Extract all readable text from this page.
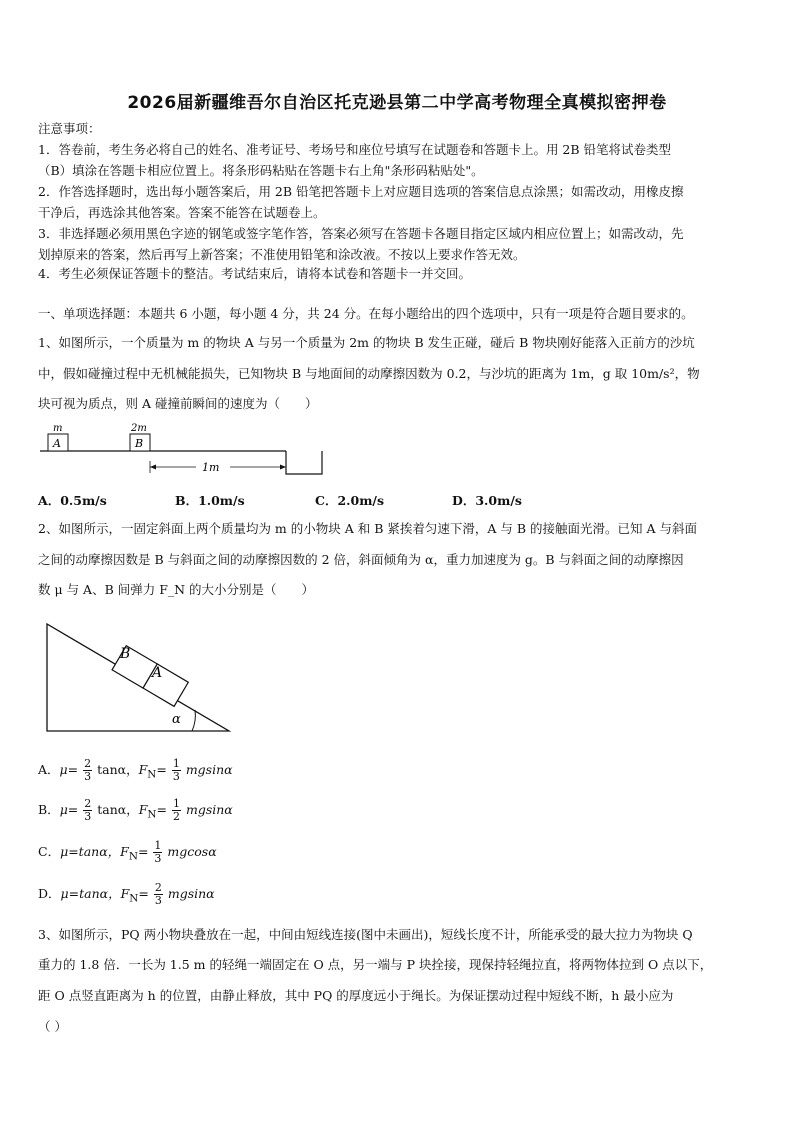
2026届新疆维吾尔自治区托克逊县第二中学高考物理全真模拟密押卷
注意事项：
1．答卷前，考生务必将自己的姓名、准考证号、考场号和座位号填写在试题卷和答题卡上。用 2B 铅笔将试卷类型
（B）填涂在答题卡相应位置上。将条形码粘贴在答题卡右上角"条形码粘贴处"。
2．作答选择题时，选出每小题答案后，用 2B 铅笔把答题卡上对应题目选项的答案信息点涂黑；如需改动，用橡皮擦
干净后，再选涂其他答案。答案不能答在试题卷上。
3．非选择题必须用黑色字迹的钢笔或签字笔作答，答案必须写在答题卡各题目指定区域内相应位置上；如需改动，先
划掉原来的答案，然后再写上新答案；不准使用铅笔和涂改液。不按以上要求作答无效。
4．考生必须保证答题卡的整洁。考试结束后，请将本试卷和答题卡一并交回。
一、单项选择题：本题共 6 小题，每小题 4 分，共 24 分。在每小题给出的四个选项中，只有一项是符合题目要求的。
1、如图所示，一个质量为 m 的物块 A 与另一个质量为 2m 的物块 B 发生正碰，碰后 B 物块刚好能落入正前方的沙坑
中，假如碰撞过程中无机械能损失，已知物块 B 与地面间的动摩擦因数为 0.2，与沙坑的距离为 1m，g 取 10m/s²，物
块可视为质点，则 A 碰撞前瞬间的速度为（　　）
A
m
B
2m
1m
A．0.5m/s	B．1.0m/s	C．2.0m/s	D．3.0m/s
2、如图所示，一固定斜面上两个质量均为 m 的小物块 A 和 B 紧挨着匀速下滑，A 与 B 的接触面光滑。已知 A 与斜面
之间的动摩擦因数是 B 与斜面之间的动摩擦因数的 2 倍，斜面倾角为 α，重力加速度为 g。B 与斜面之间的动摩擦因
数 μ 与 A、B 间弹力 F_N 的大小分别是（　　）
α
B
A
A．$\mu= \frac{2}{3}$ tanα，$F_N= \frac{1}{3}$ mgsinα
B．$\mu= \frac{2}{3}$ tanα，$F_N= \frac{1}{2}$ mgsinα
C．μ=tanα，$F_N= \frac{1}{3}$ mgcosα
D．μ=tanα，$F_N= \frac{2}{3}$ mgsinα
3、如图所示，PQ 两小物块叠放在一起，中间由短线连接(图中未画出)，短线长度不计，所能承受的最大拉力为物块 Q
重力的 1.8 倍．一长为 1.5 m 的轻绳一端固定在 O 点，另一端与 P 块拴接，现保持轻绳拉直，将两物体拉到 O 点以下，
距 O 点竖直距离为 h 的位置，由静止释放，其中 PQ 的厚度远小于绳长。为保证摆动过程中短线不断，h 最小应为
（ ）
